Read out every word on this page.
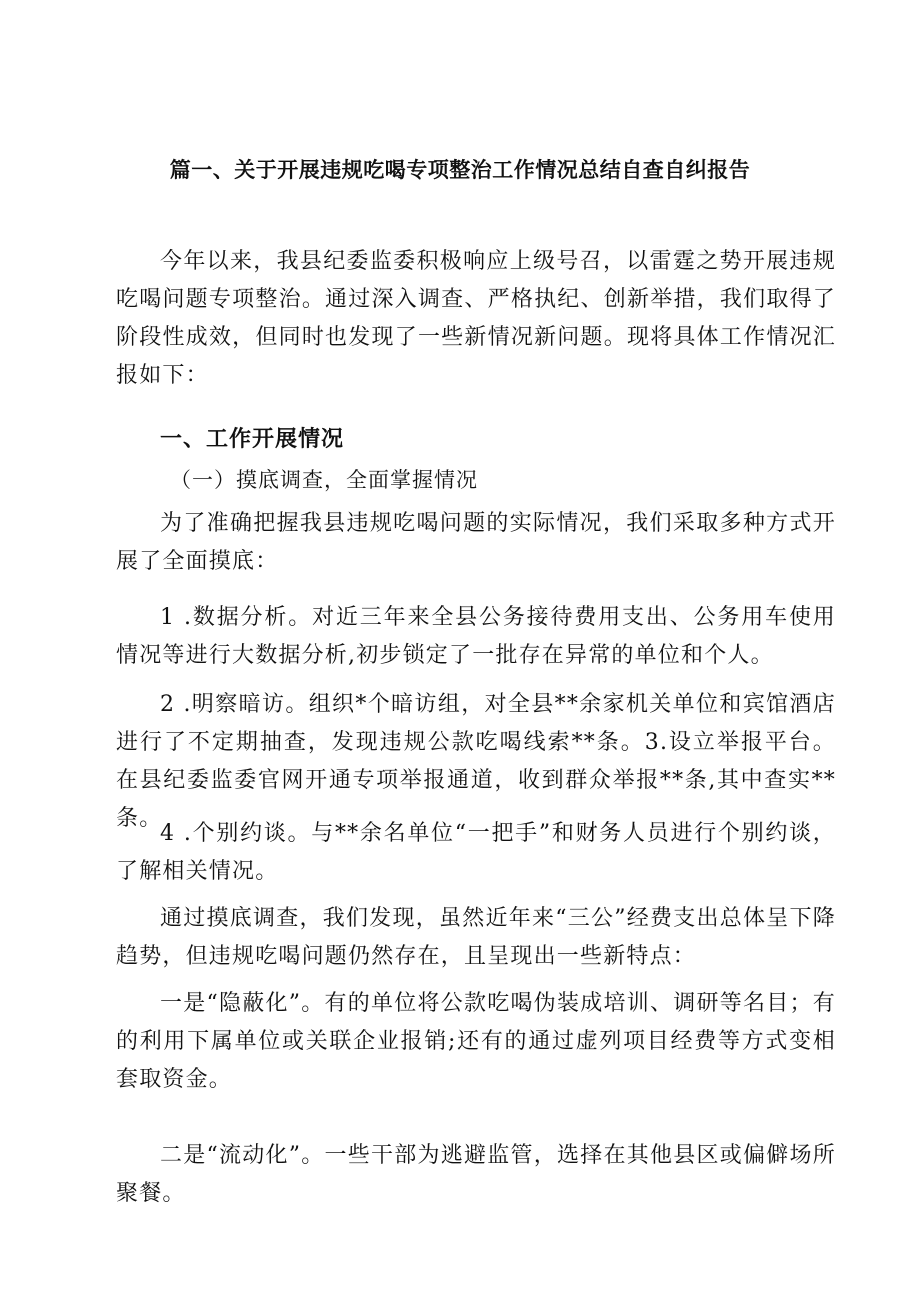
篇一、关于开展违规吃喝专项整治工作情况总结自查自纠报告
今年以来，我县纪委监委积极响应上级号召，以雷霆之势开展违规吃喝问题专项整治。通过深入调查、严格执纪、创新举措，我们取得了阶段性成效，但同时也发现了一些新情况新问题。现将具体工作情况汇报如下：
一、工作开展情况
（一）摸底调查，全面掌握情况
为了准确把握我县违规吃喝问题的实际情况，我们采取多种方式开展了全面摸底：
1 .数据分析。对近三年来全县公务接待费用支出、公务用车使用情况等进行大数据分析,初步锁定了一批存在异常的单位和个人。
2 .明察暗访。组织*个暗访组，对全县**余家机关单位和宾馆酒店进行了不定期抽查，发现违规公款吃喝线索**条。3.设立举报平台。在县纪委监委官网开通专项举报通道，收到群众举报**条,其中查实**条。
4 .个别约谈。与**余名单位“一把手”和财务人员进行个别约谈，了解相关情况。
通过摸底调查，我们发现，虽然近年来“三公”经费支出总体呈下降趋势，但违规吃喝问题仍然存在，且呈现出一些新特点：
一是“隐蔽化”。有的单位将公款吃喝伪装成培训、调研等名目；有的利用下属单位或关联企业报销;还有的通过虚列项目经费等方式变相套取资金。
二是“流动化”。一些干部为逃避监管，选择在其他县区或偏僻场所聚餐。
